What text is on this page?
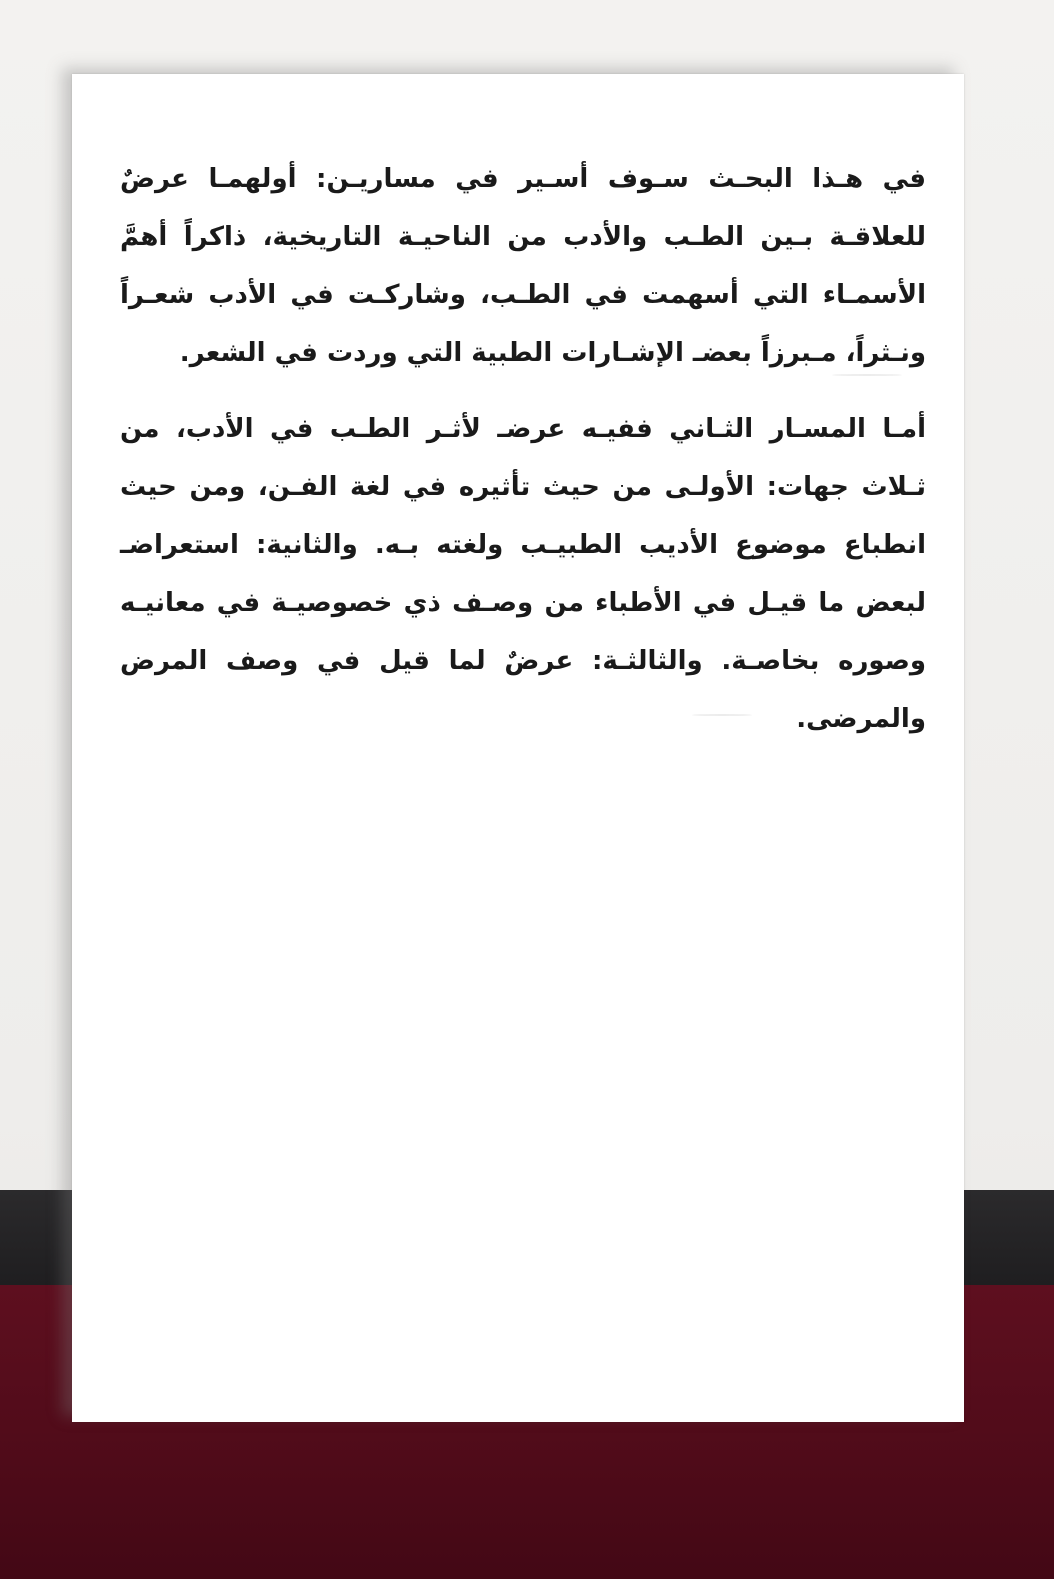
في هـذا البحـث سـوف أسـير في مساريـن: أولهمـا عرضٌ للعلاقـة بـين الطـب والأدب من الناحيـة التاريخية، ذاكراً أهمَّ الأسمـاء التي أسهمت في الطـب، وشاركـت في الأدب شعـراً ونـثراً، مـبرزاً بعضـ الإشـارات الطبية التي وردت في الشعر.

أمـا المسـار الثـاني ففيـه عرضـ لأثـر الطـب في الأدب، من ثـلاث جهات: الأولـى من حيث تأثيره في لغة الفـن، ومن حيث انطباع موضوع الأديب الطبيـب ولغته بـه. والثانية: استعراضـ لبعض ما قيـل في الأطباء من وصـف ذي خصوصيـة في معانيـه وصوره بخاصـة. والثالثـة: عرضٌ لما قيل في وصف المرض والمرضى.
